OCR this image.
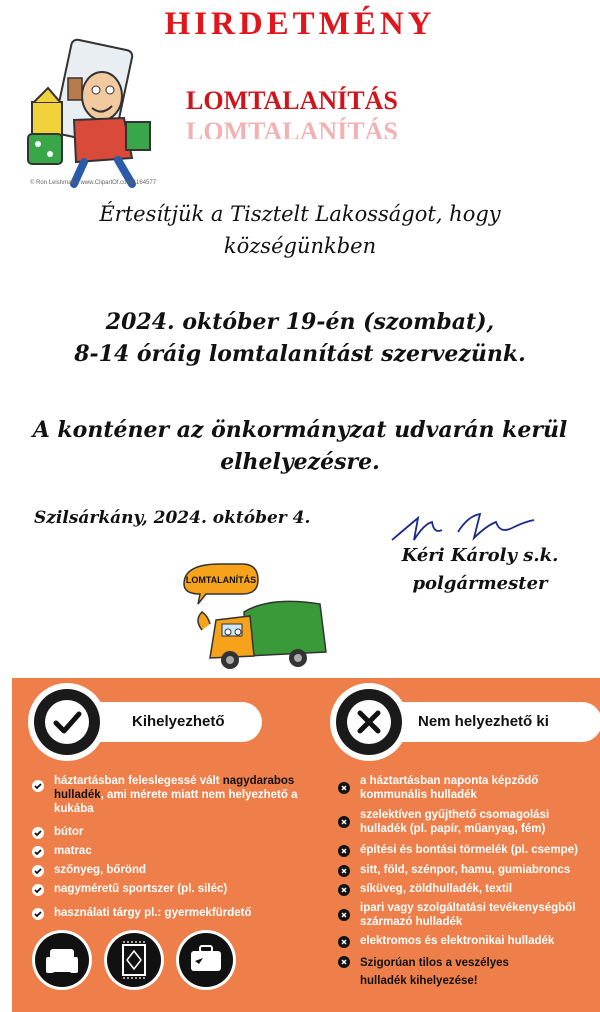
HIRDETMÉNY
© Ron Leishman * www.ClipartOf.com/1164577
LOMTALANÍTÁS
LOMTALANÍTÁS
Értesítjük a Tisztelt Lakosságot, hogy
községünkben
2024. október 19-én (szombat),
8-14 óráig lomtalanítást szervezünk.
A konténer az önkormányzat udvarán kerül
elhelyezésre.
Szilsárkány, 2024. október 4.
Kéri Károly s.k.
polgármester
LOMTALANÍTÁS
Kihelyezhető	Nem helyezhető ki
háztartásban feleslegessé vált nagydarabos hulladék, ami mérete miatt nem helyezhető a kukába
bútor
matrac
szőnyeg, bőrönd
nagyméretű sportszer (pl. siléc)
használati tárgy pl.: gyermekfürdető
a háztartásban naponta képződő kommunális hulladék
szelektíven gyűjthető csomagolási hulladék (pl. papír, műanyag, fém)
építési és bontási törmelék (pl. csempe)
sitt, föld, szénpor, hamu, gumiabroncs
síküveg, zöldhulladék, textil
ipari vagy szolgáltatási tevékenységből származó hulladék
elektromos és elektronikai hulladék
Szigorúan tilos a veszélyes hulladék kihelyezése!
